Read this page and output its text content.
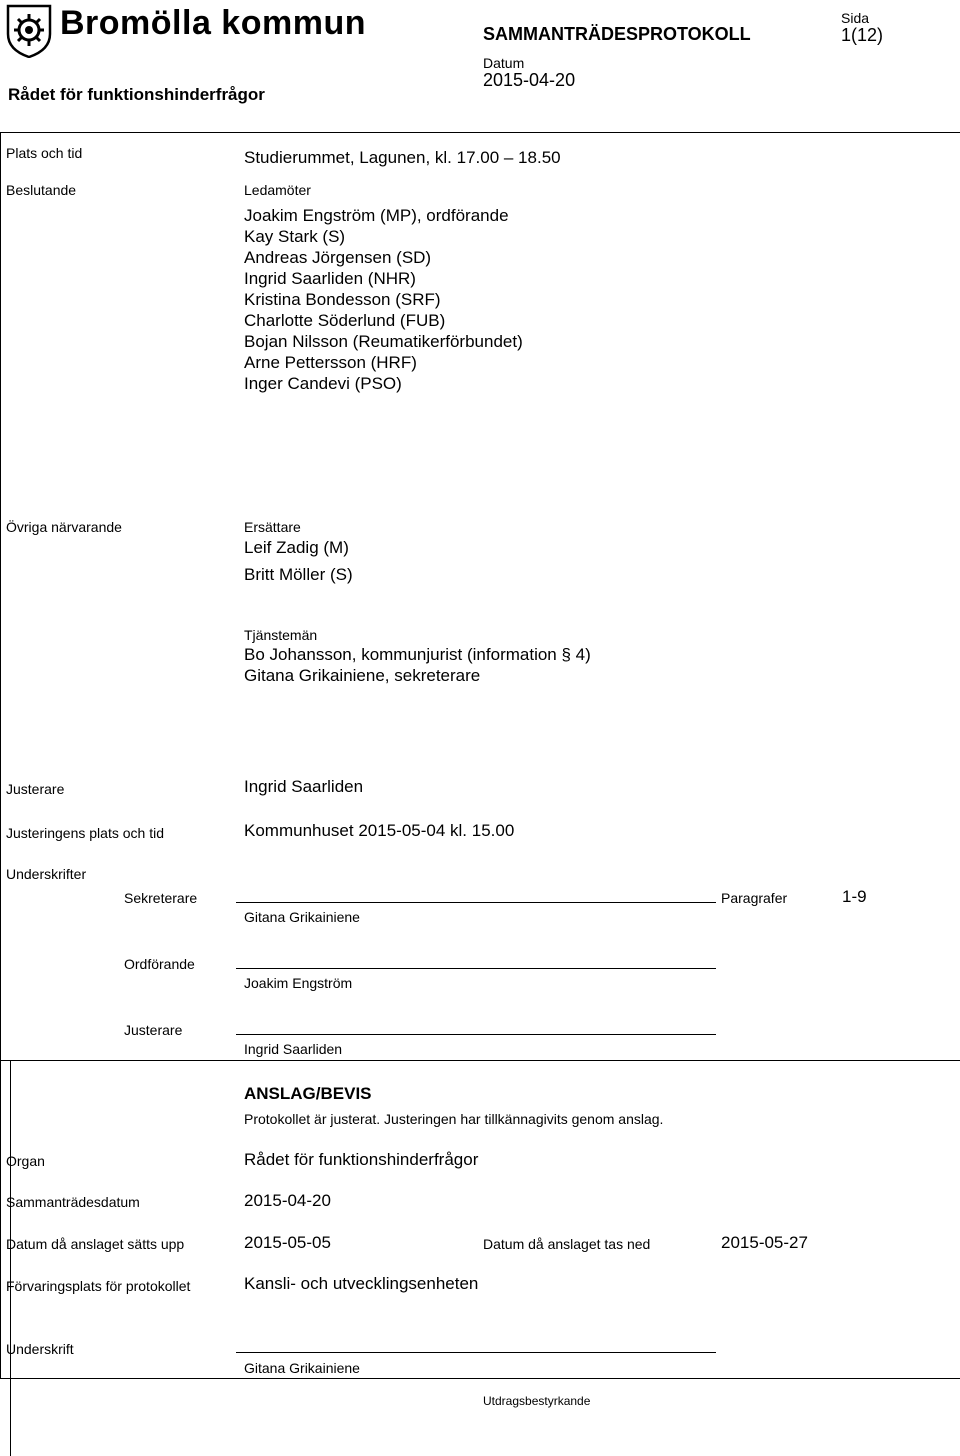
Bromölla kommun	SAMMANTRÄDESPROTOKOLL
Sida
1(12)
Datum
2015-04-20
Rådet för funktionshinderfrågor
Plats och tid	Studierummet, Lagunen, kl. 17.00 – 18.50
Beslutande	Ledamöter
Joakim Engström (MP), ordförande
Kay Stark (S)
Andreas Jörgensen (SD)
Ingrid Saarliden (NHR)
Kristina Bondesson (SRF)
Charlotte Söderlund (FUB)
Bojan Nilsson (Reumatikerförbundet)
Arne Pettersson (HRF)
Inger Candevi (PSO)
Övriga närvarande	Ersättare
Leif Zadig (M)
Britt Möller (S)
Tjänstemän
Bo Johansson, kommunjurist (information § 4)
Gitana Grikainiene, sekreterare
Justerare	Ingrid Saarliden
Justeringens plats och tid	Kommunhuset 2015-05-04 kl. 15.00
Underskrifter
Sekreterare
Gitana Grikainiene
Paragrafer	1-9
Ordförande
Joakim Engström
Justerare
Ingrid Saarliden
ANSLAG/BEVIS
Protokollet är justerat. Justeringen har tillkännagivits genom anslag.
Organ	Rådet för funktionshinderfrågor
Sammanträdesdatum	2015-04-20
Datum då anslaget sätts upp	2015-05-05	Datum då anslaget tas ned	2015-05-27
Förvaringsplats för protokollet	Kansli- och utvecklingsenheten
Underskrift
Gitana Grikainiene
Utdragsbestyrkande
